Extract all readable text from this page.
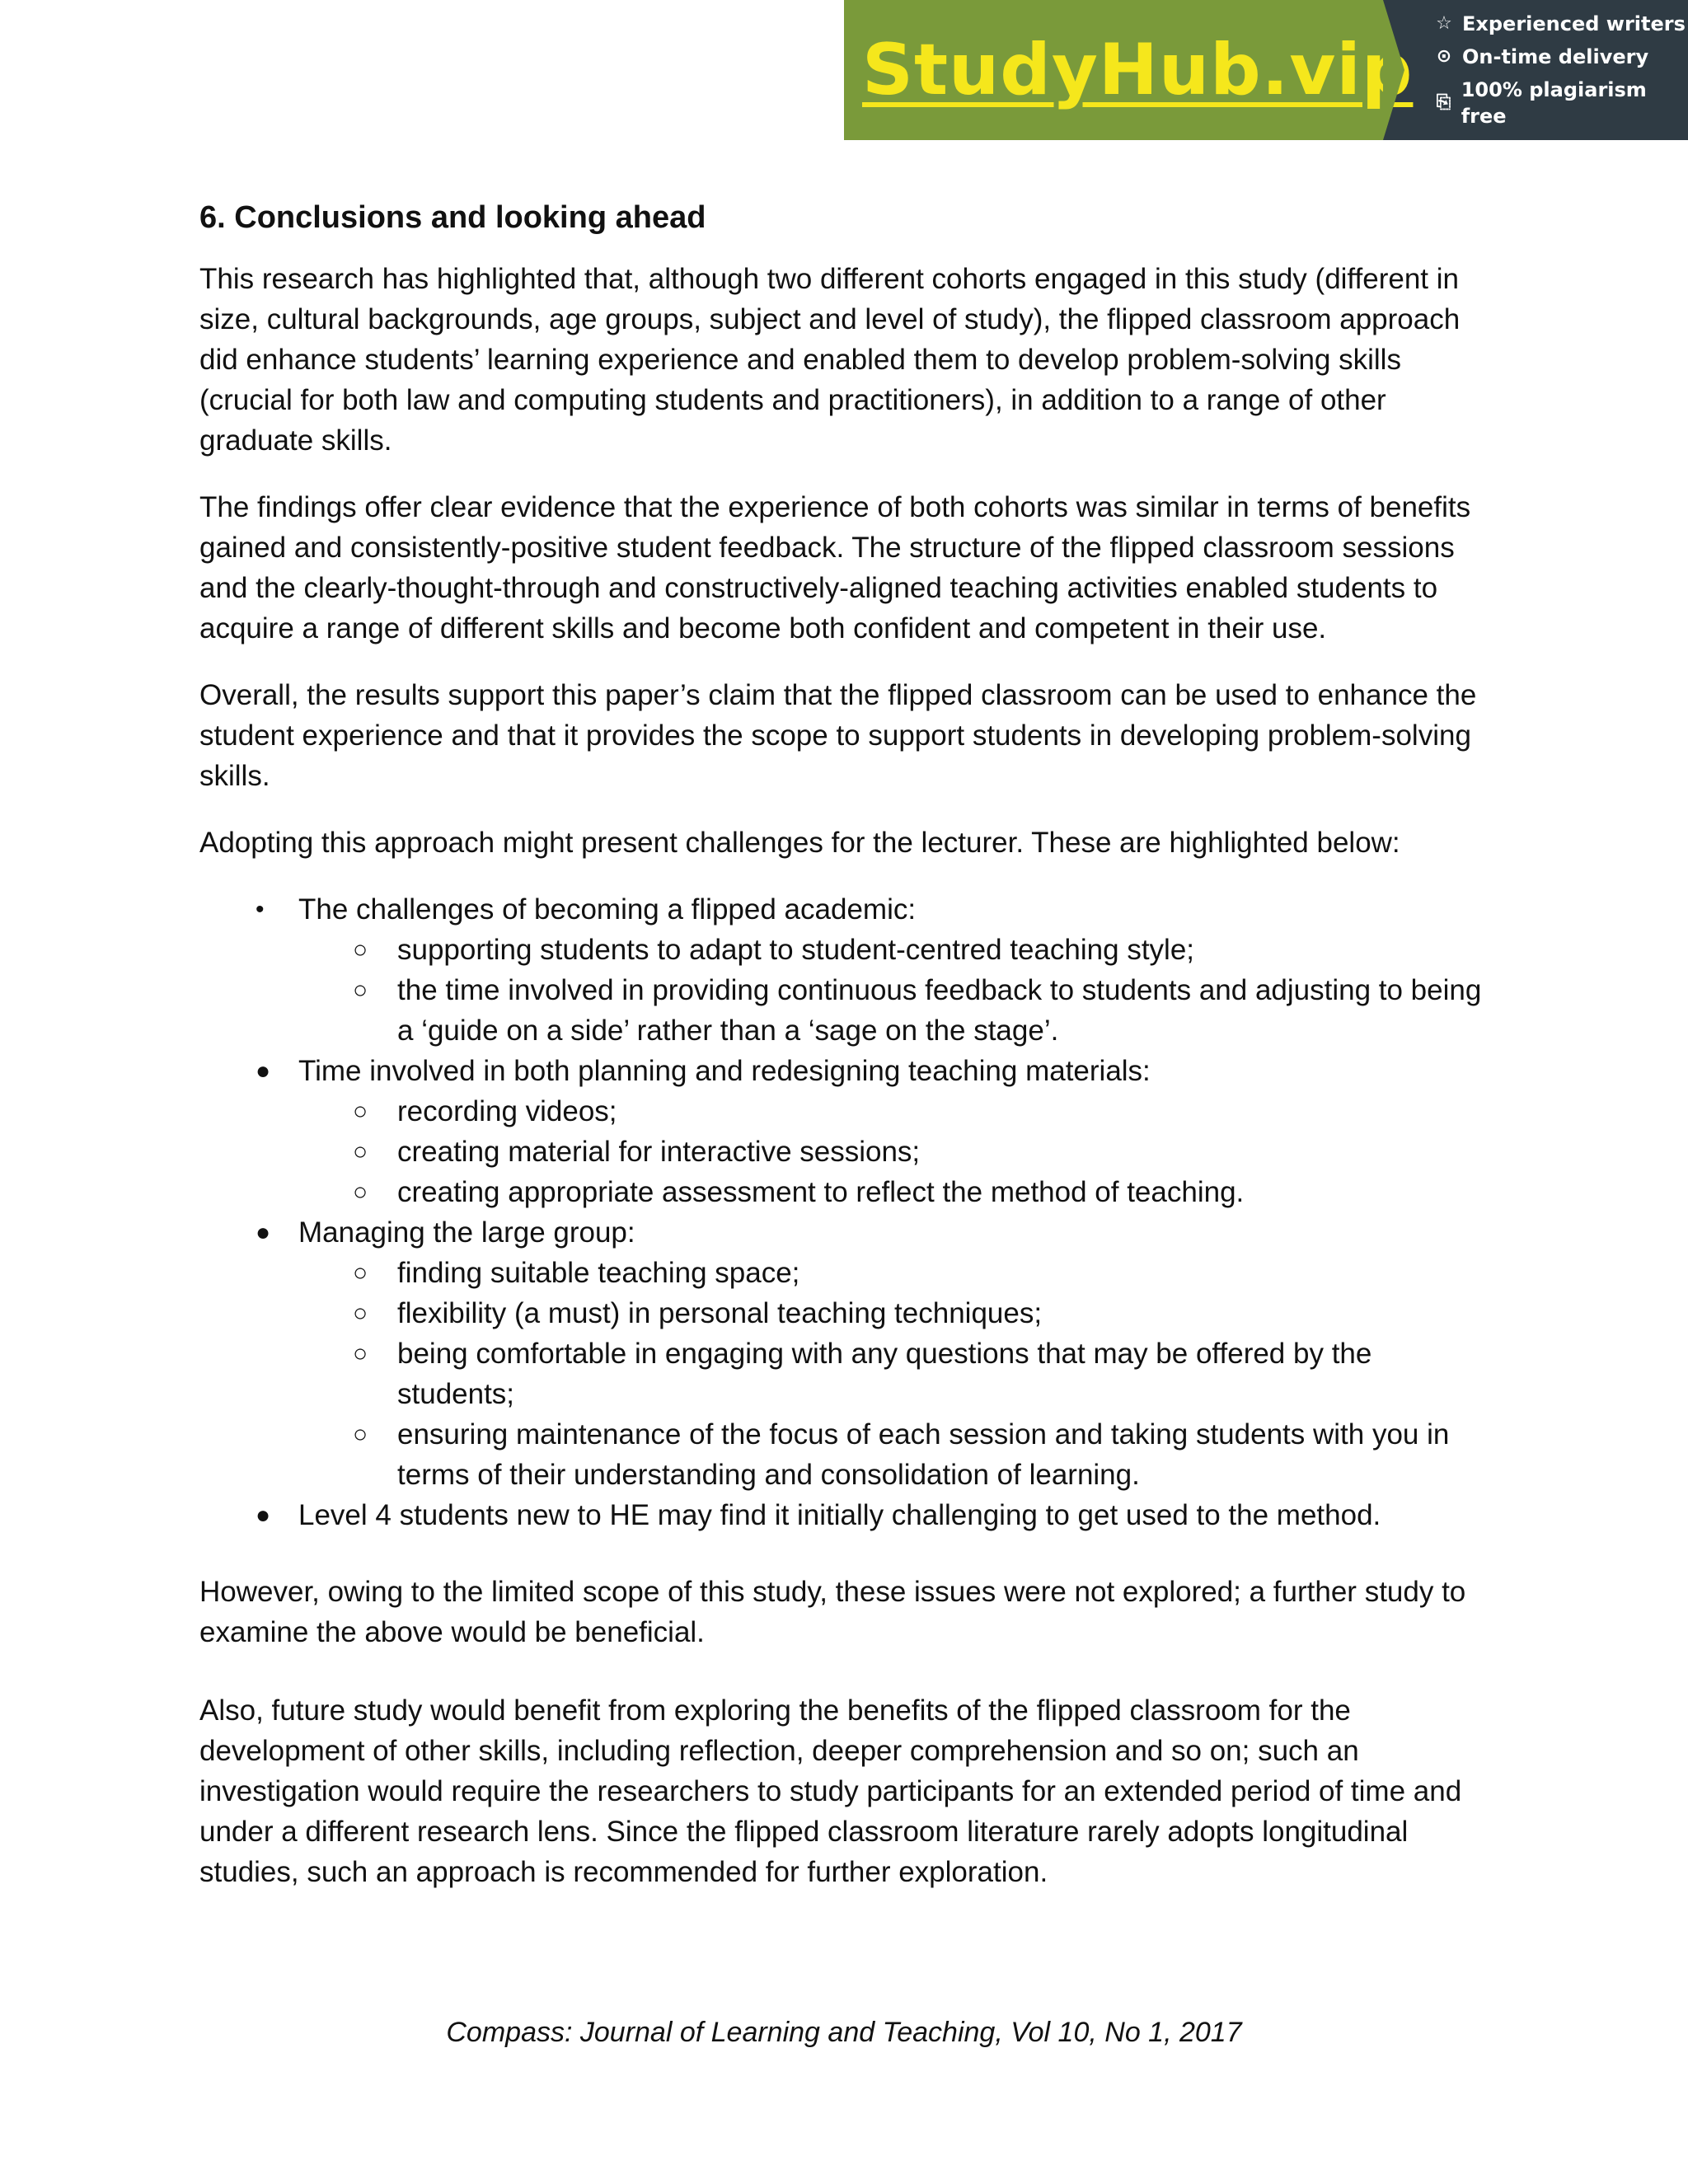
StudyHub.vip
☆ Experienced writers
⊙ On-time delivery
⎘
100% plagiarism free
6. Conclusions and looking ahead

This research has highlighted that, although two different cohorts engaged in this study (different in size, cultural backgrounds, age groups, subject and level of study), the flipped classroom approach did enhance students’ learning experience and enabled them to develop problem-solving skills (crucial for both law and computing students and practitioners), in addition to a range of other graduate skills.

The findings offer clear evidence that the experience of both cohorts was similar in terms of benefits gained and consistently-positive student feedback. The structure of the flipped classroom sessions and the clearly-thought-through and constructively-aligned teaching activities enabled students to acquire a range of different skills and become both confident and competent in their use.

Overall, the results support this paper’s claim that the flipped classroom can be used to enhance the student experience and that it provides the scope to support students in developing problem-solving skills.

Adopting this approach might present challenges for the lecturer. These are highlighted below:

• The challenges of becoming a flipped academic:
○ supporting students to adapt to student-centred teaching style;
○ the time involved in providing continuous feedback to students and adjusting to being a ‘guide on a side’ rather than a ‘sage on the stage’.
● Time involved in both planning and redesigning teaching materials:
○ recording videos;
○ creating material for interactive sessions;
○ creating appropriate assessment to reflect the method of teaching.
● Managing the large group:
○ finding suitable teaching space;
○ flexibility (a must) in personal teaching techniques;
○ being comfortable in engaging with any questions that may be offered by the students;
○ ensuring maintenance of the focus of each session and taking students with you in terms of their understanding and consolidation of learning.
● Level 4 students new to HE may find it initially challenging to get used to the method.

However, owing to the limited scope of this study, these issues were not explored; a further study to examine the above would be beneficial.

Also, future study would benefit from exploring the benefits of the flipped classroom for the development of other skills, including reflection, deeper comprehension and so on; such an investigation would require the researchers to study participants for an extended period of time and under a different research lens. Since the flipped classroom literature rarely adopts longitudinal studies, such an approach is recommended for further exploration.

Compass: Journal of Learning and Teaching, Vol 10, No 1, 2017
